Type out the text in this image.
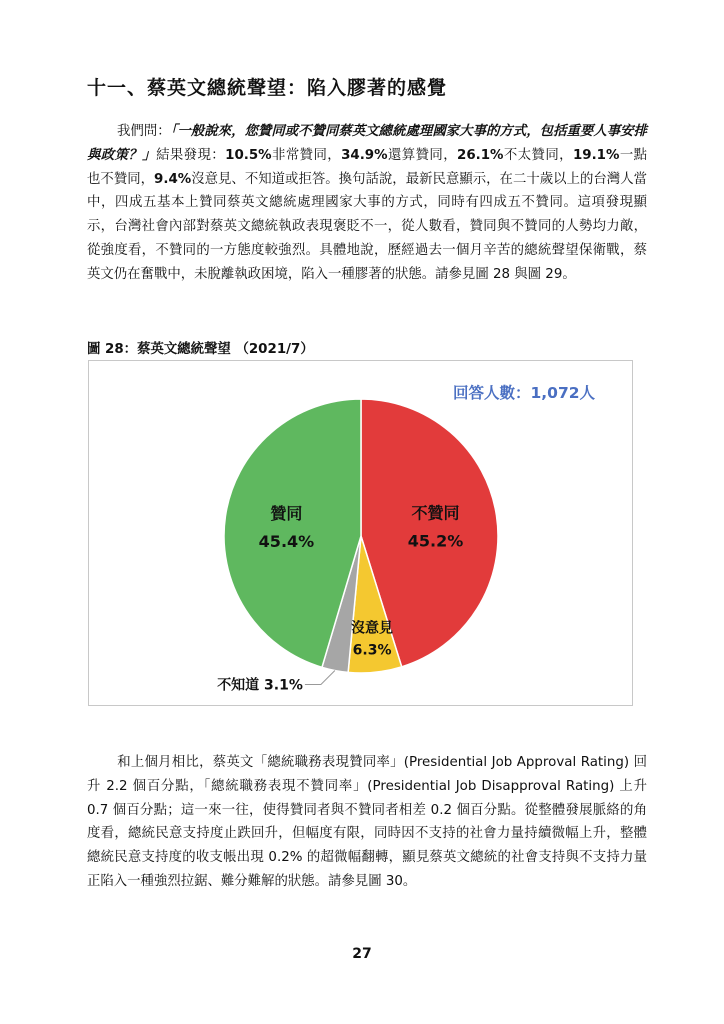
十一、蔡英文總統聲望：陷入膠著的感覺
我們問：「一般說來，您贊同或不贊同蔡英文總統處理國家大事的方式，包括重要人事安排與政策？」結果發現：10.5%非常贊同，34.9%還算贊同，26.1%不太贊同，19.1%一點也不贊同，9.4%沒意見、不知道或拒答。換句話說，最新民意顯示，在二十歲以上的台灣人當中，四成五基本上贊同蔡英文總統處理國家大事的方式，同時有四成五不贊同。這項發現顯示，台灣社會內部對蔡英文總統執政表現褒貶不一，從人數看，贊同與不贊同的人勢均力敵，從強度看，不贊同的一方態度較強烈。具體地說，歷經過去一個月辛苦的總統聲望保衛戰，蔡英文仍在奮戰中，未脫離執政困境，陷入一種膠著的狀態。請參見圖 28 與圖 29。
圖 28：蔡英文總統聲望 （2021/7）
不贊同
45.2%
沒意見
6.3%
不知道 3.1%
贊同
45.4%
回答人數：1,072人
和上個月相比，蔡英文「總統職務表現贊同率」(Presidential Job Approval Rating) 回升 2.2 個百分點，「總統職務表現不贊同率」(Presidential Job Disapproval Rating) 上升 0.7 個百分點；這一來一往，使得贊同者與不贊同者相差 0.2 個百分點。從整體發展脈絡的角度看，總統民意支持度止跌回升，但幅度有限，同時因不支持的社會力量持續微幅上升，整體總統民意支持度的收支帳出現 0.2% 的超微幅翻轉，顯見蔡英文總統的社會支持與不支持力量正陷入一種強烈拉鋸、難分難解的狀態。請參見圖 30。
27
